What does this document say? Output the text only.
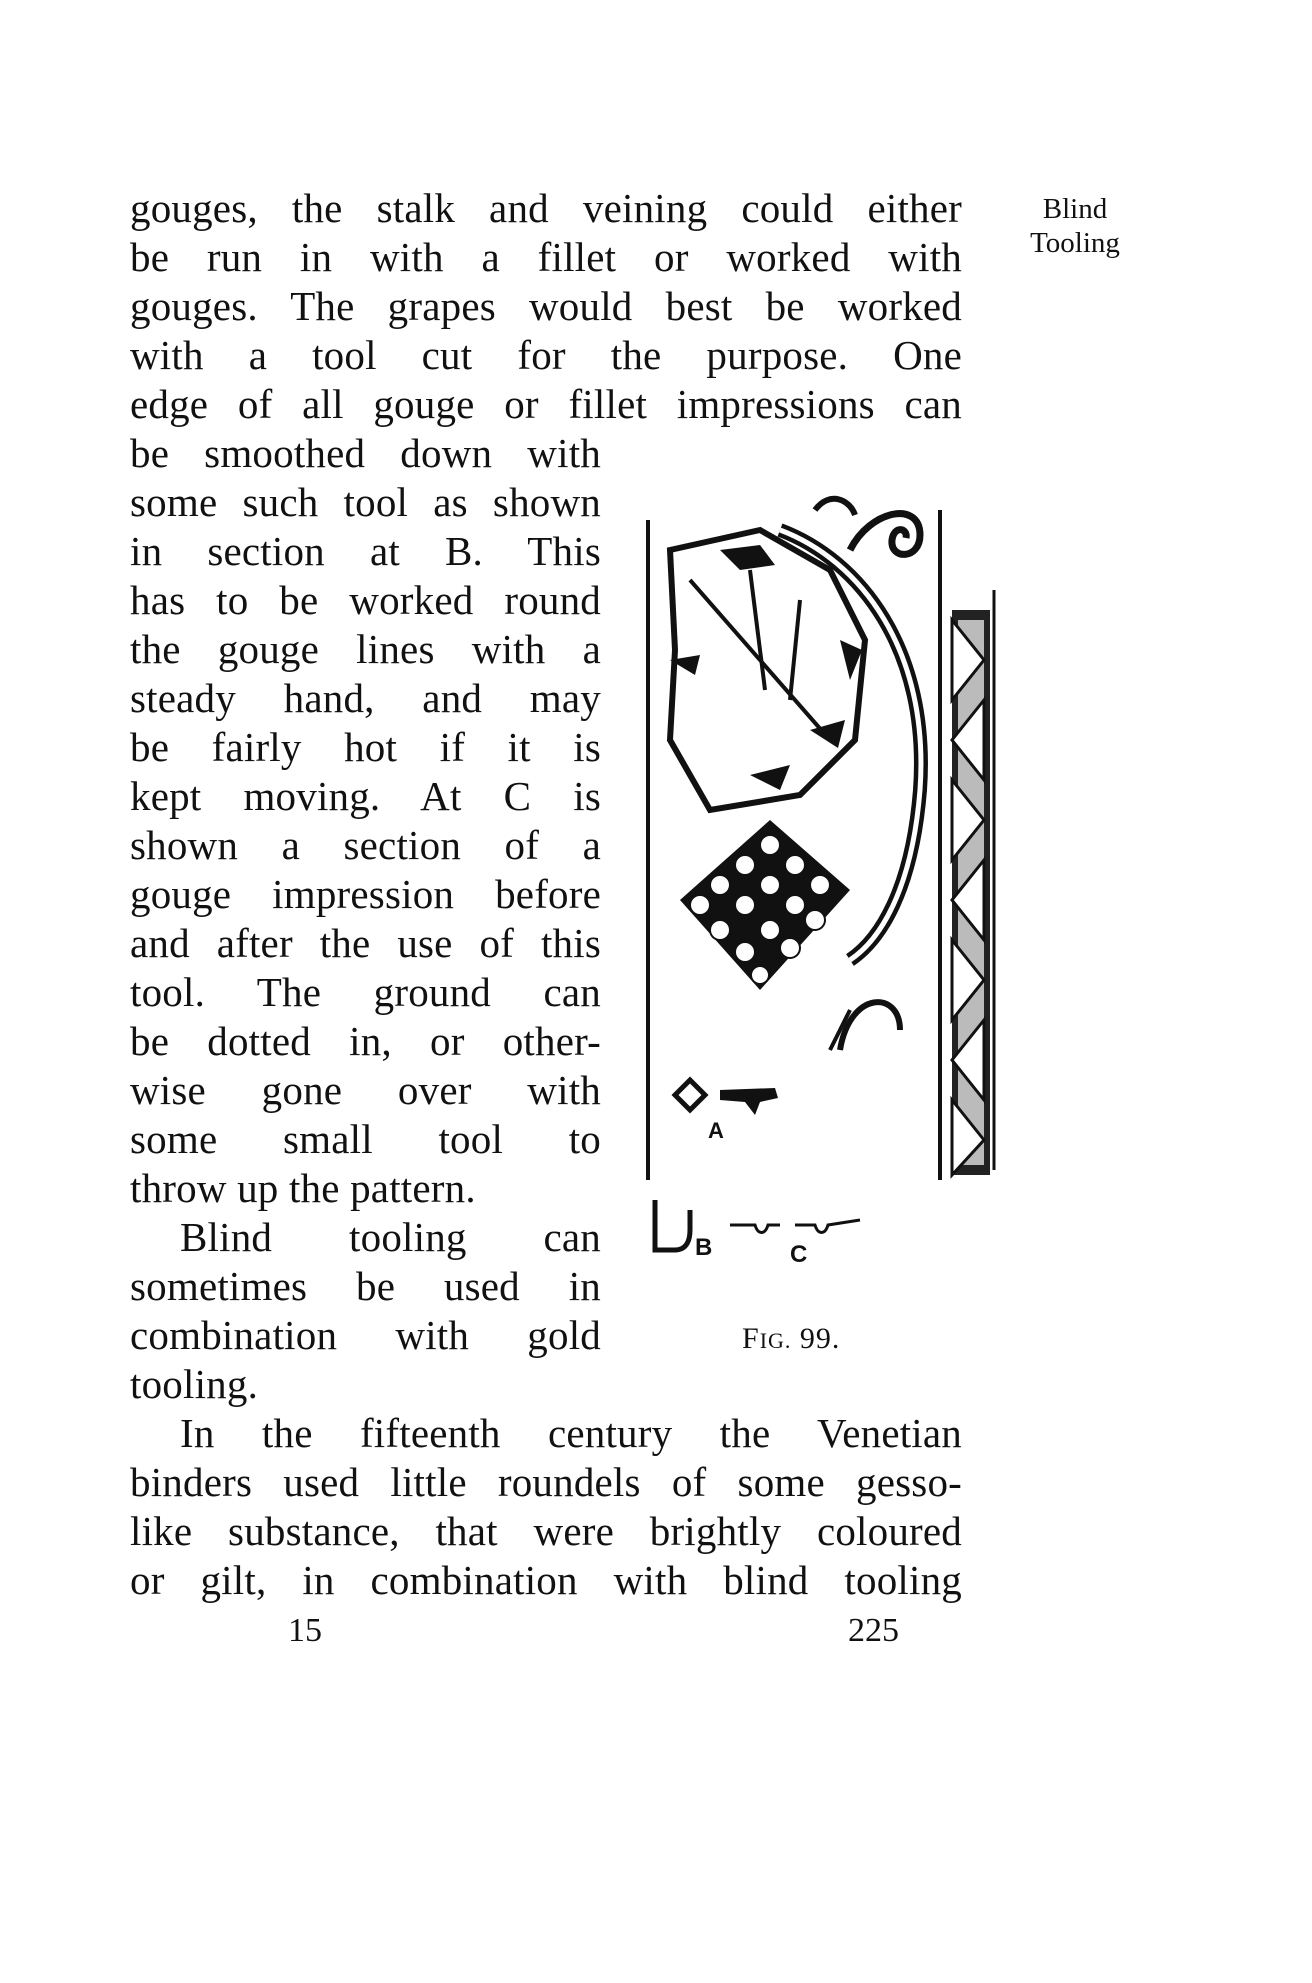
Blind
Tooling
gouges, the stalk and veining could either
be run in with a fillet or worked with
gouges. The grapes would best be worked
with a tool cut for the purpose. One
edge of all gouge or fillet impressions can
be smoothed down with
some such tool as shown
in section at B. This
has to be worked round
the gouge lines with a
steady hand, and may
be fairly hot if it is
kept moving. At C is
shown a section of a
gouge impression before
and after the use of this
tool. The ground can
be dotted in, or other-
wise gone over with
some small tool to
throw up the pattern.
Blind tooling can
sometimes be used in
combination with gold
tooling.
In the fifteenth century the Venetian
binders used little roundels of some gesso-
like substance, that were brightly coloured
or gilt, in combination with blind tooling
A
B	C
FIG. 99.
15	225
